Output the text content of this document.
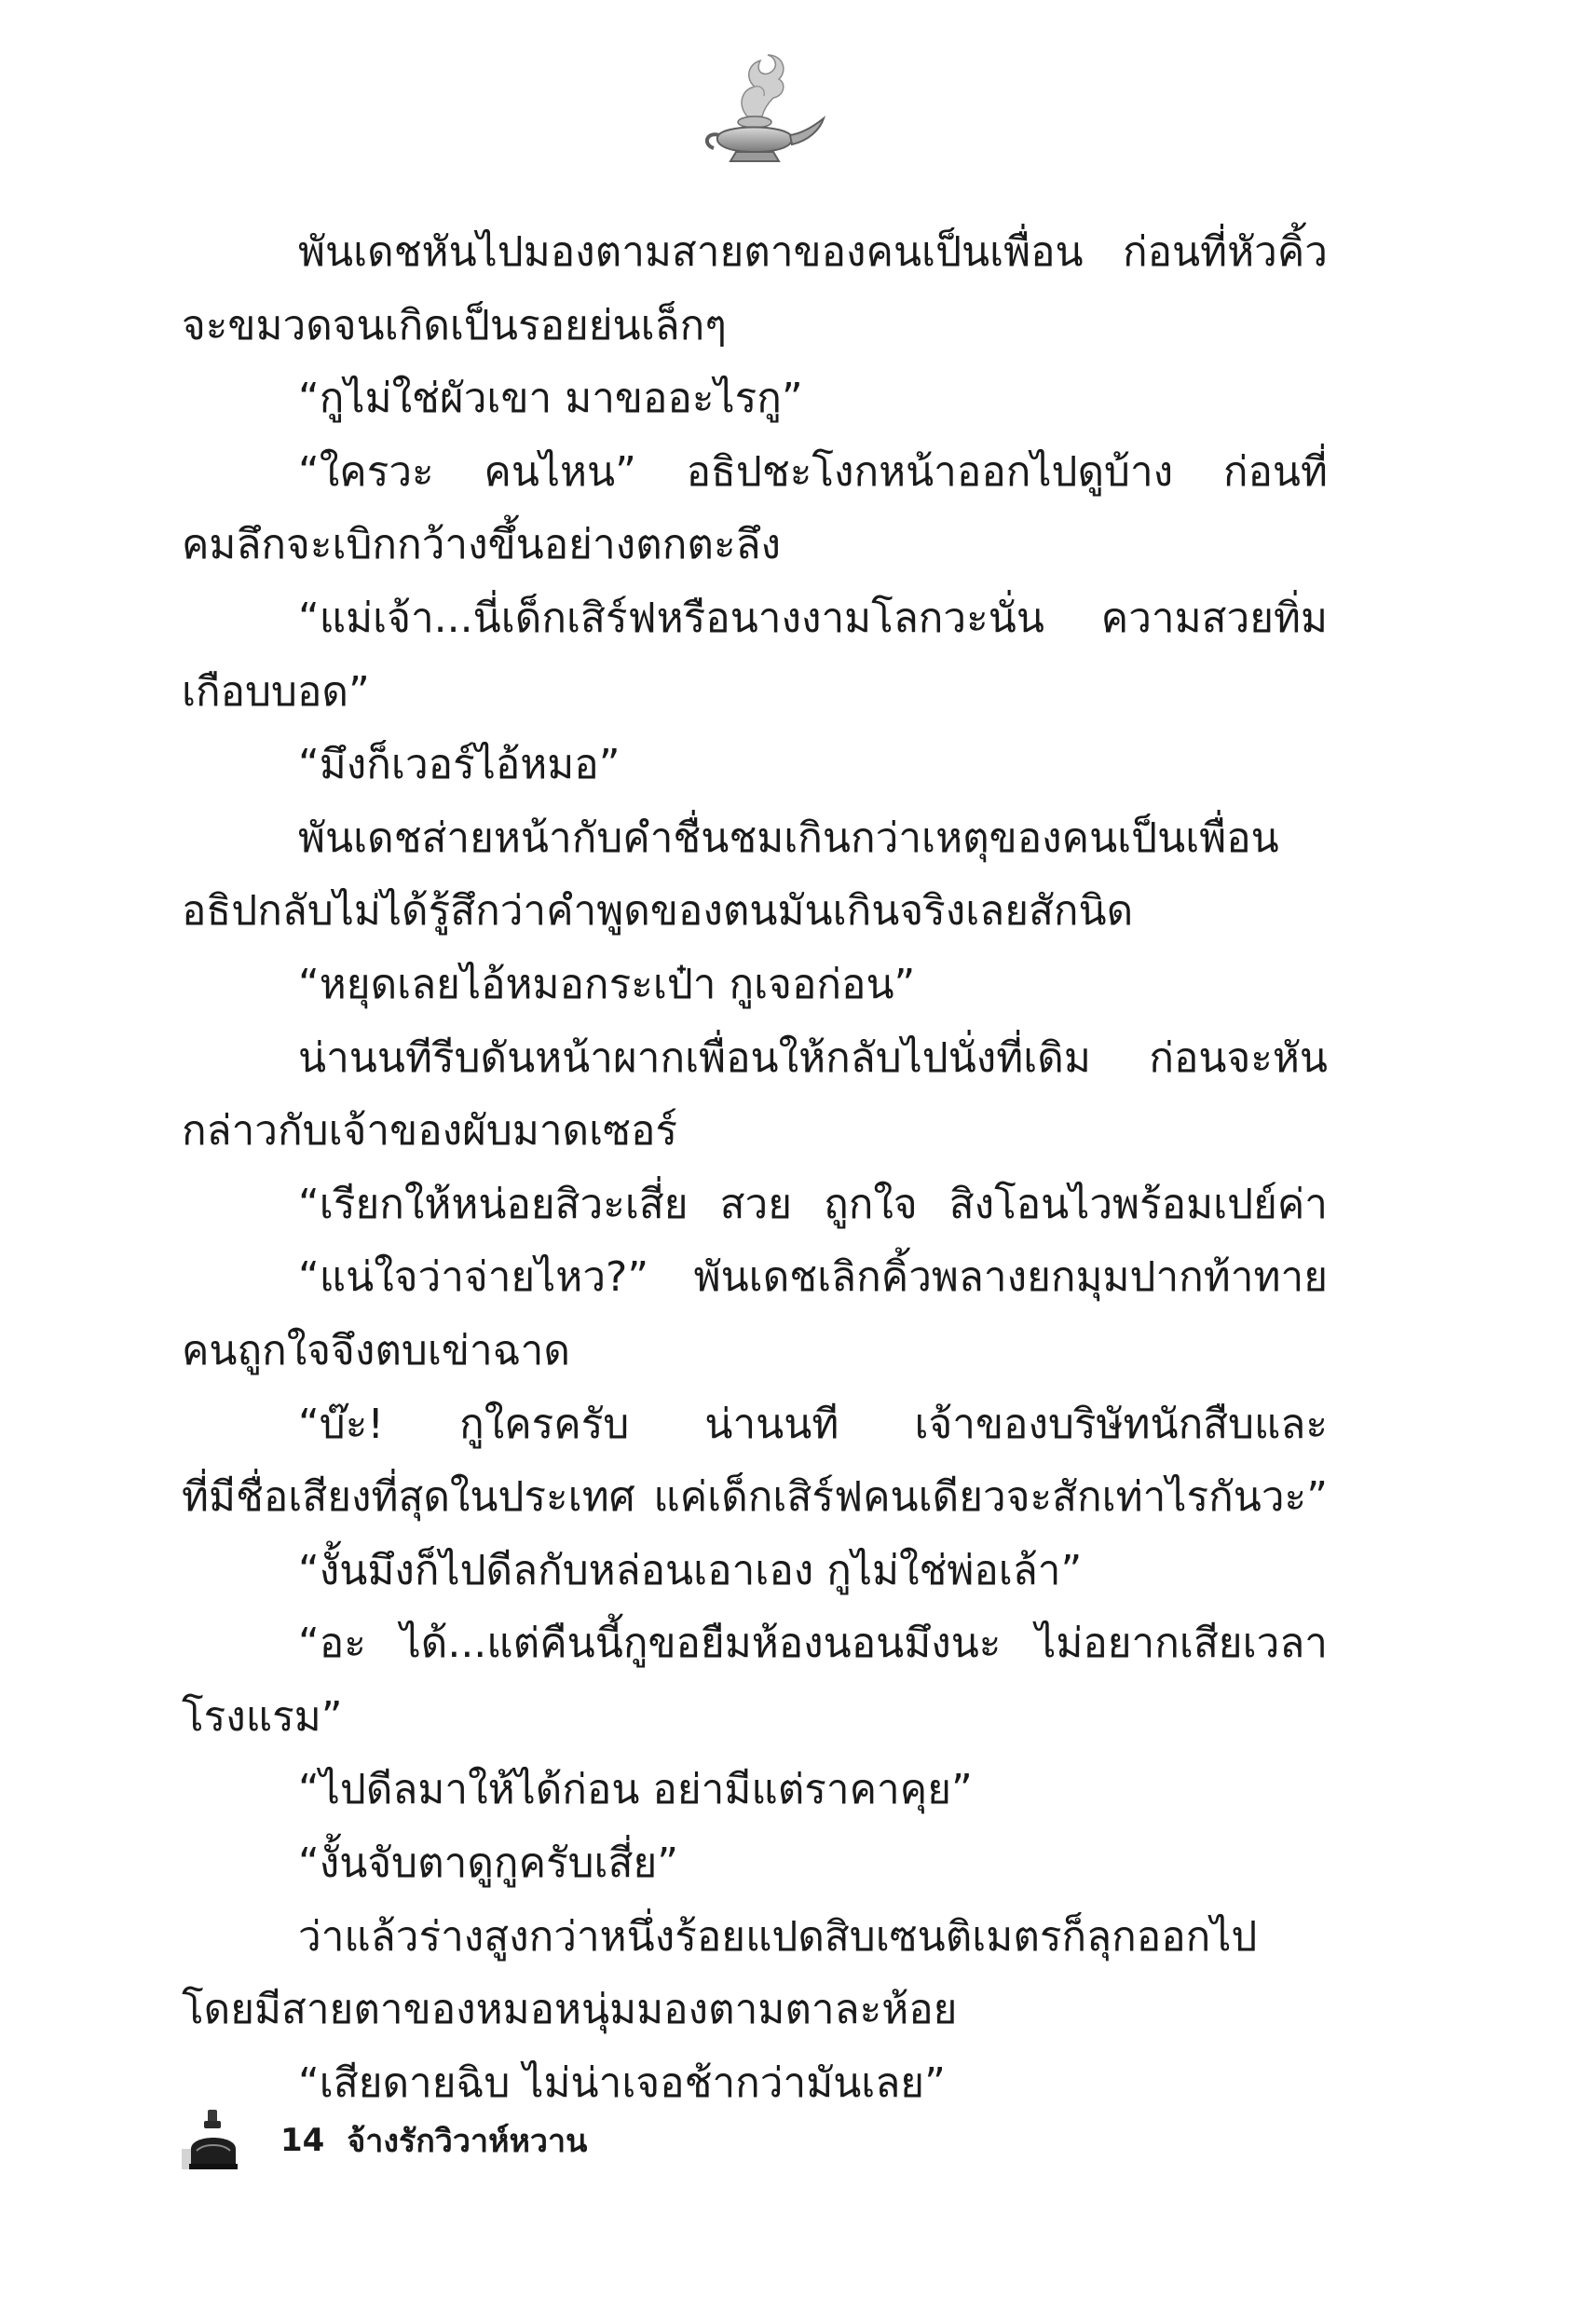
พันเดชหันไปมองตามสายตาของคนเป็นเพื่อน ก่อนที่หัวคิ้ว
จะขมวดจนเกิดเป็นรอยย่นเล็กๆ
“กูไม่ใช่ผัวเขา มาขออะไรกู”
“ใครวะ คนไหน” อธิปชะโงกหน้าออกไปดูบ้าง ก่อนที่
คมลึกจะเบิกกว้างขึ้นอย่างตกตะลึง
“แม่เจ้า...นี่เด็กเสิร์ฟหรือนางงามโลกวะนั่น ความสวยทิ่ม
เกือบบอด”
“มึงก็เวอร์ไอ้หมอ”
พันเดชส่ายหน้ากับคำชื่นชมเกินกว่าเหตุของคนเป็นเพื่อน
อธิปกลับไม่ได้รู้สึกว่าคำพูดของตนมันเกินจริงเลยสักนิด
“หยุดเลยไอ้หมอกระเป๋า กูเจอก่อน”
น่านนทีรีบดันหน้าผากเพื่อนให้กลับไปนั่งที่เดิม ก่อนจะหัน
กล่าวกับเจ้าของผับมาดเซอร์
“เรียกให้หน่อยสิวะเสี่ย สวย ถูกใจ สิงโอนไวพร้อมเปย์ค่า
“แน่ใจว่าจ่ายไหว?” พันเดชเลิกคิ้วพลางยกมุมปากท้าทาย
คนถูกใจจึงตบเข่าฉาด
“บ๊ะ! กูใครครับ น่านนที เจ้าของบริษัทนักสืบและ
ที่มีชื่อเสียงที่สุดในประเทศ แค่เด็กเสิร์ฟคนเดียวจะสักเท่าไรกันวะ”
“งั้นมึงก็ไปดีลกับหล่อนเอาเอง กูไม่ใช่พ่อเล้า”
“อะ ได้...แต่คืนนี้กูขอยืมห้องนอนมึงนะ ไม่อยากเสียเวลา
โรงแรม”
“ไปดีลมาให้ได้ก่อน อย่ามีแต่ราคาคุย”
“งั้นจับตาดูกูครับเสี่ย”
ว่าแล้วร่างสูงกว่าหนึ่งร้อยแปดสิบเซนติเมตรก็ลุกออกไป
โดยมีสายตาของหมอหนุ่มมองตามตาละห้อย
“เสียดายฉิบ ไม่น่าเจอช้ากว่ามันเลย”
14 จ้างรักวิวาห์หวาน
